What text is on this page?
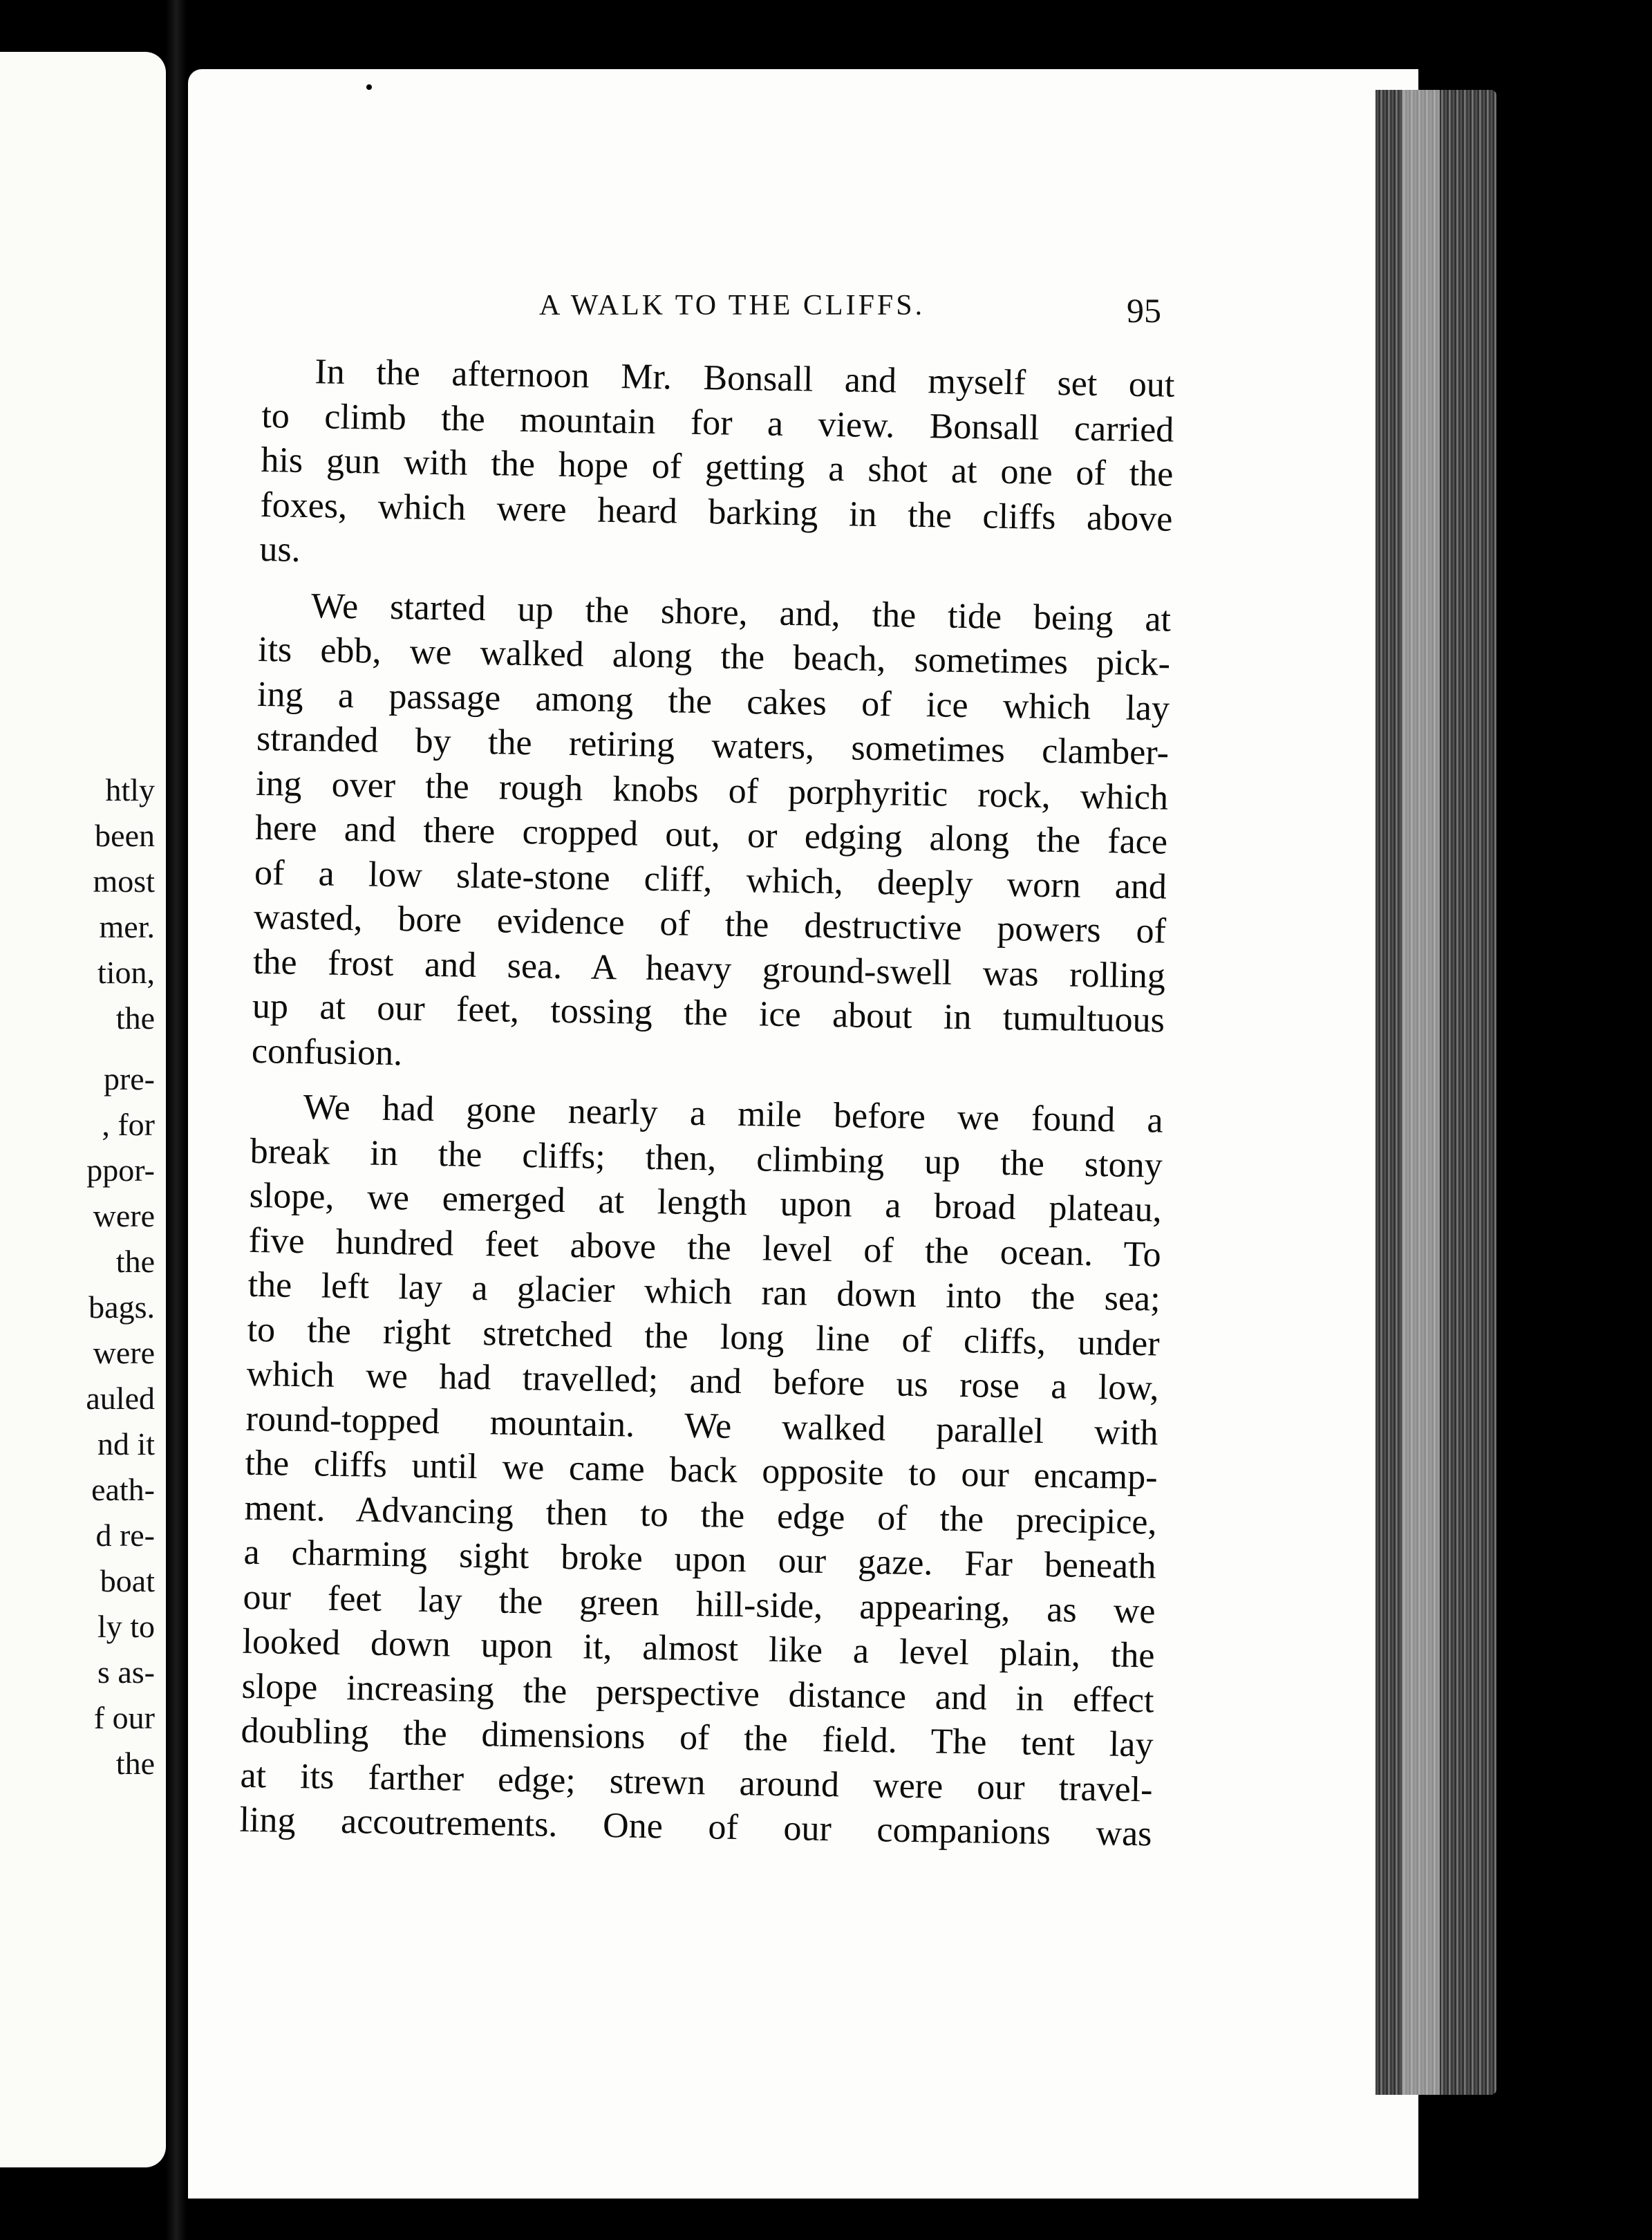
htly
been
most
mer.
tion,
the
pre-
, for
ppor-
were
the
bags.
were
auled
nd it
eath-
d re-
boat
ly to
s as-
f our
the
A WALK TO THE CLIFFS.	95

In the afternoon Mr. Bonsall and myself set out
to climb the mountain for a view. Bonsall carried
his gun with the hope of getting a shot at one of the
foxes, which were heard barking in the cliffs above
us.

We started up the shore, and, the tide being at
its ebb, we walked along the beach, sometimes pick-
ing a passage among the cakes of ice which lay
stranded by the retiring waters, sometimes clamber-
ing over the rough knobs of porphyritic rock, which
here and there cropped out, or edging along the face
of a low slate-stone cliff, which, deeply worn and
wasted, bore evidence of the destructive powers of
the frost and sea. A heavy ground-swell was rolling
up at our feet, tossing the ice about in tumultuous
confusion.

We had gone nearly a mile before we found a
break in the cliffs; then, climbing up the stony
slope, we emerged at length upon a broad plateau,
five hundred feet above the level of the ocean. To
the left lay a glacier which ran down into the sea;
to the right stretched the long line of cliffs, under
which we had travelled; and before us rose a low,
round-topped mountain. We walked parallel with
the cliffs until we came back opposite to our encamp-
ment. Advancing then to the edge of the precipice,
a charming sight broke upon our gaze. Far beneath
our feet lay the green hill-side, appearing, as we
looked down upon it, almost like a level plain, the
slope increasing the perspective distance and in effect
doubling the dimensions of the field. The tent lay
at its farther edge; strewn around were our travel-
ling accoutrements. One of our companions was
